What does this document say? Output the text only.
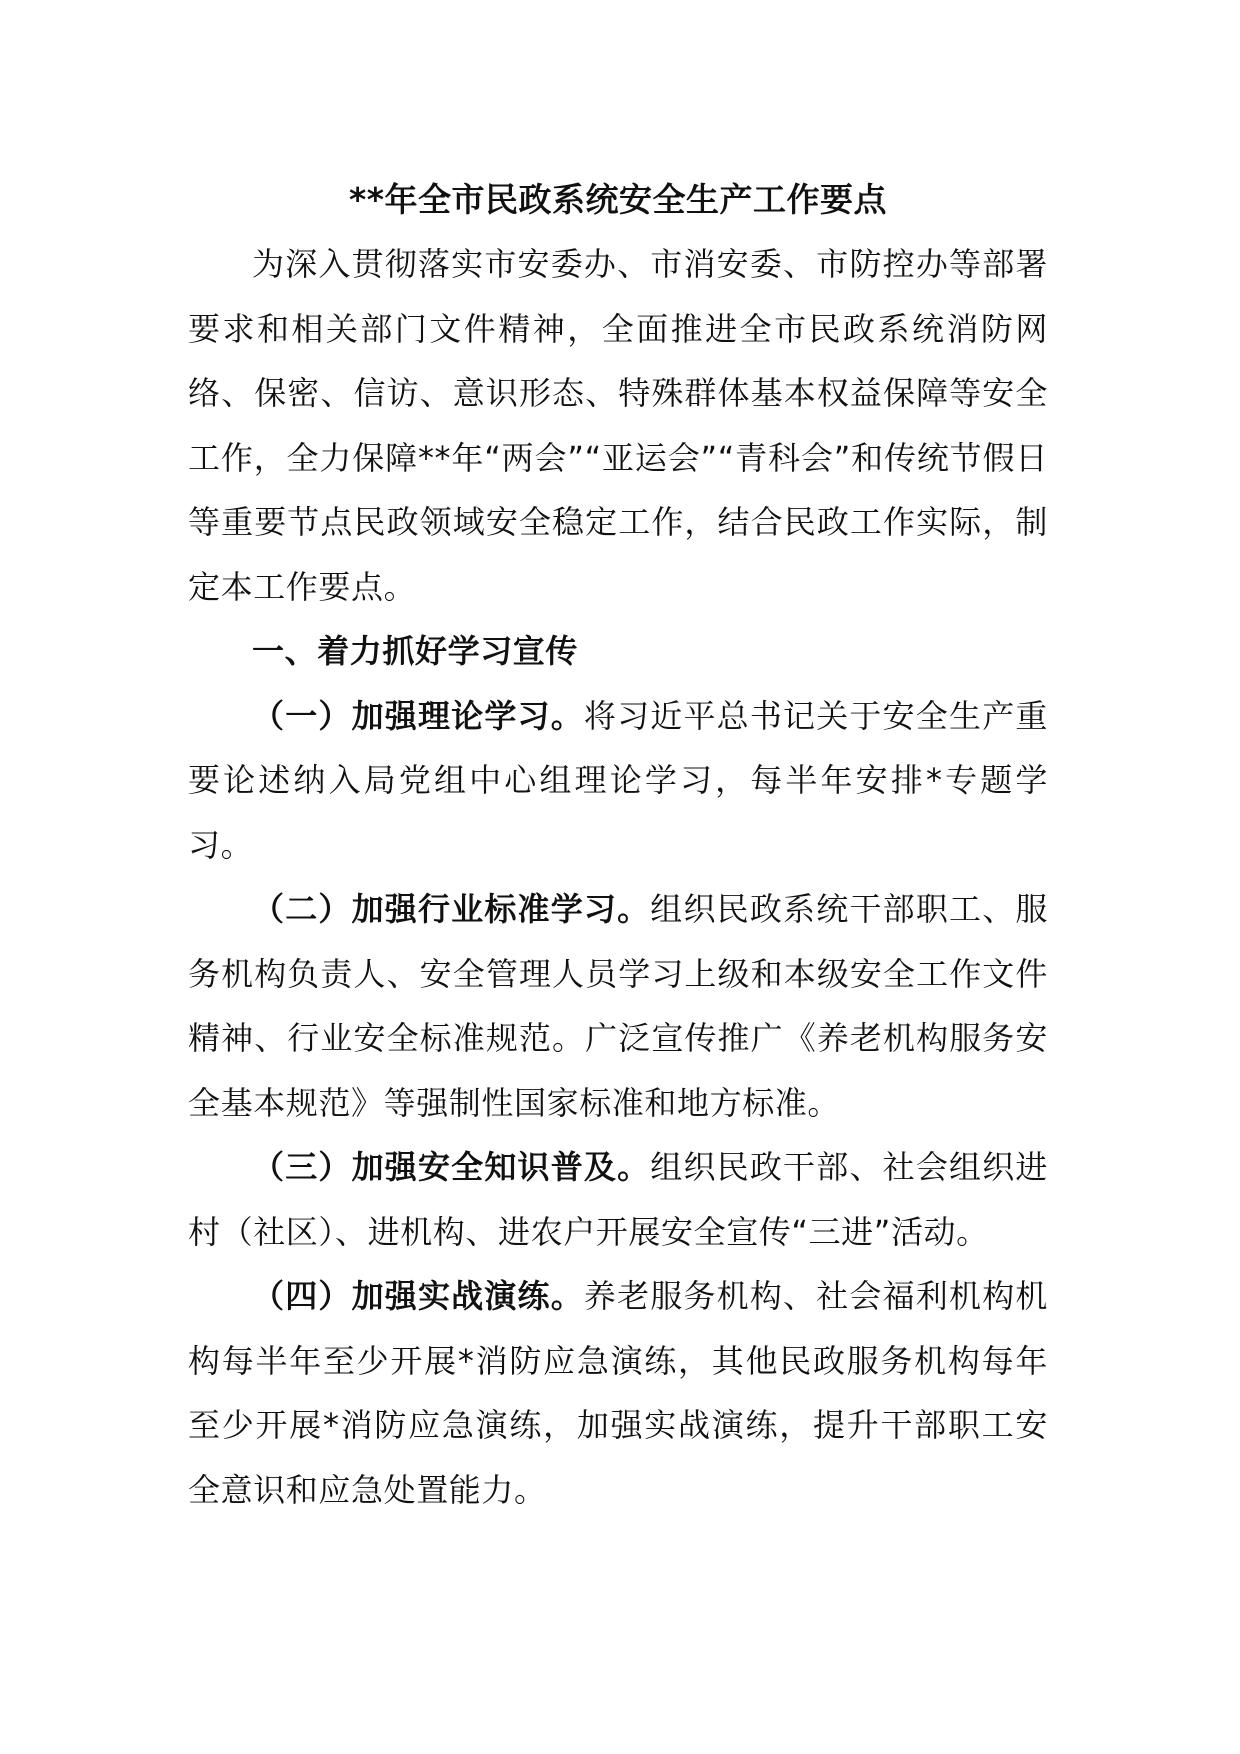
**年全市民政系统安全生产工作要点

为深入贯彻落实市安委办、市消安委、市防控办等部署要求和相关部门文件精神，全面推进全市民政系统消防网络、保密、信访、意识形态、特殊群体基本权益保障等安全工作，全力保障**年“两会”“亚运会”“青科会”和传统节假日等重要节点民政领域安全稳定工作，结合民政工作实际，制定本工作要点。

一、着力抓好学习宣传

（一）加强理论学习。将习近平总书记关于安全生产重要论述纳入局党组中心组理论学习，每半年安排*专题学习。

（二）加强行业标准学习。组织民政系统干部职工、服务机构负责人、安全管理人员学习上级和本级安全工作文件精神、行业安全标准规范。广泛宣传推广《养老机构服务安全基本规范》等强制性国家标准和地方标准。

（三）加强安全知识普及。组织民政干部、社会组织进村（社区）、进机构、进农户开展安全宣传“三进”活动。

（四）加强实战演练。养老服务机构、社会福利机构机构每半年至少开展*消防应急演练，其他民政服务机构每年至少开展*消防应急演练，加强实战演练，提升干部职工安全意识和应急处置能力。
